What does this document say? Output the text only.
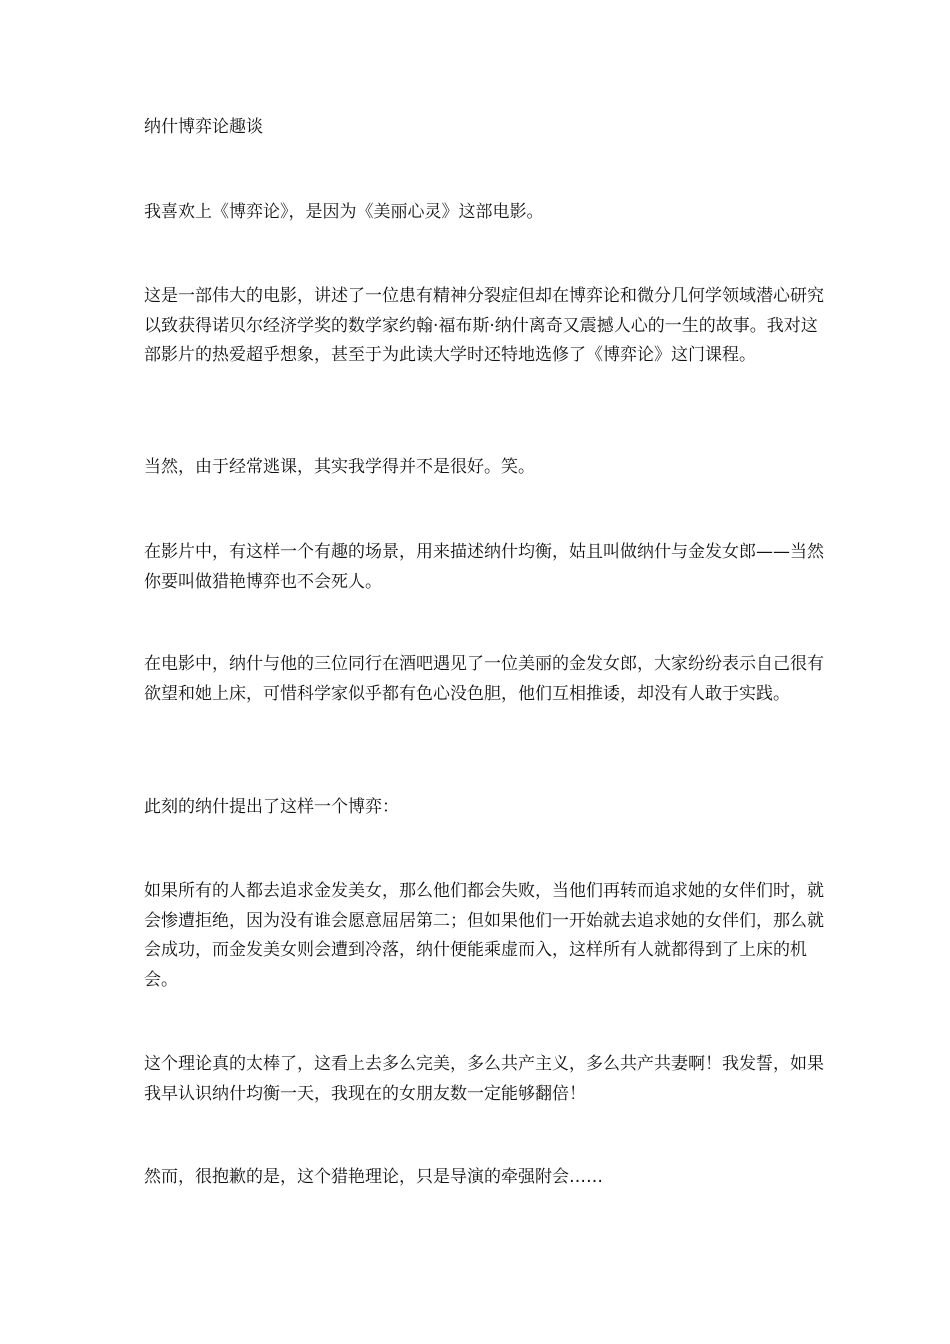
纳什博弈论趣谈
我喜欢上《博弈论》，是因为《美丽心灵》这部电影。
这是一部伟大的电影，讲述了一位患有精神分裂症但却在博弈论和微分几何学领域潜心研究以致获得诺贝尔经济学奖的数学家约翰·福布斯·纳什离奇又震撼人心的一生的故事。我对这部影片的热爱超乎想象，甚至于为此读大学时还特地选修了《博弈论》这门课程。
当然，由于经常逃课，其实我学得并不是很好。笑。
在影片中，有这样一个有趣的场景，用来描述纳什均衡，姑且叫做纳什与金发女郎——当然你要叫做猎艳博弈也不会死人。
在电影中，纳什与他的三位同行在酒吧遇见了一位美丽的金发女郎，大家纷纷表示自己很有欲望和她上床，可惜科学家似乎都有色心没色胆，他们互相推诿，却没有人敢于实践。
此刻的纳什提出了这样一个博弈：
如果所有的人都去追求金发美女，那么他们都会失败，当他们再转而追求她的女伴们时，就会惨遭拒绝，因为没有谁会愿意屈居第二；但如果他们一开始就去追求她的女伴们，那么就会成功，而金发美女则会遭到冷落，纳什便能乘虚而入，这样所有人就都得到了上床的机会。
这个理论真的太棒了，这看上去多么完美，多么共产主义，多么共产共妻啊！我发誓，如果我早认识纳什均衡一天，我现在的女朋友数一定能够翻倍！
然而，很抱歉的是，这个猎艳理论，只是导演的牵强附会……
